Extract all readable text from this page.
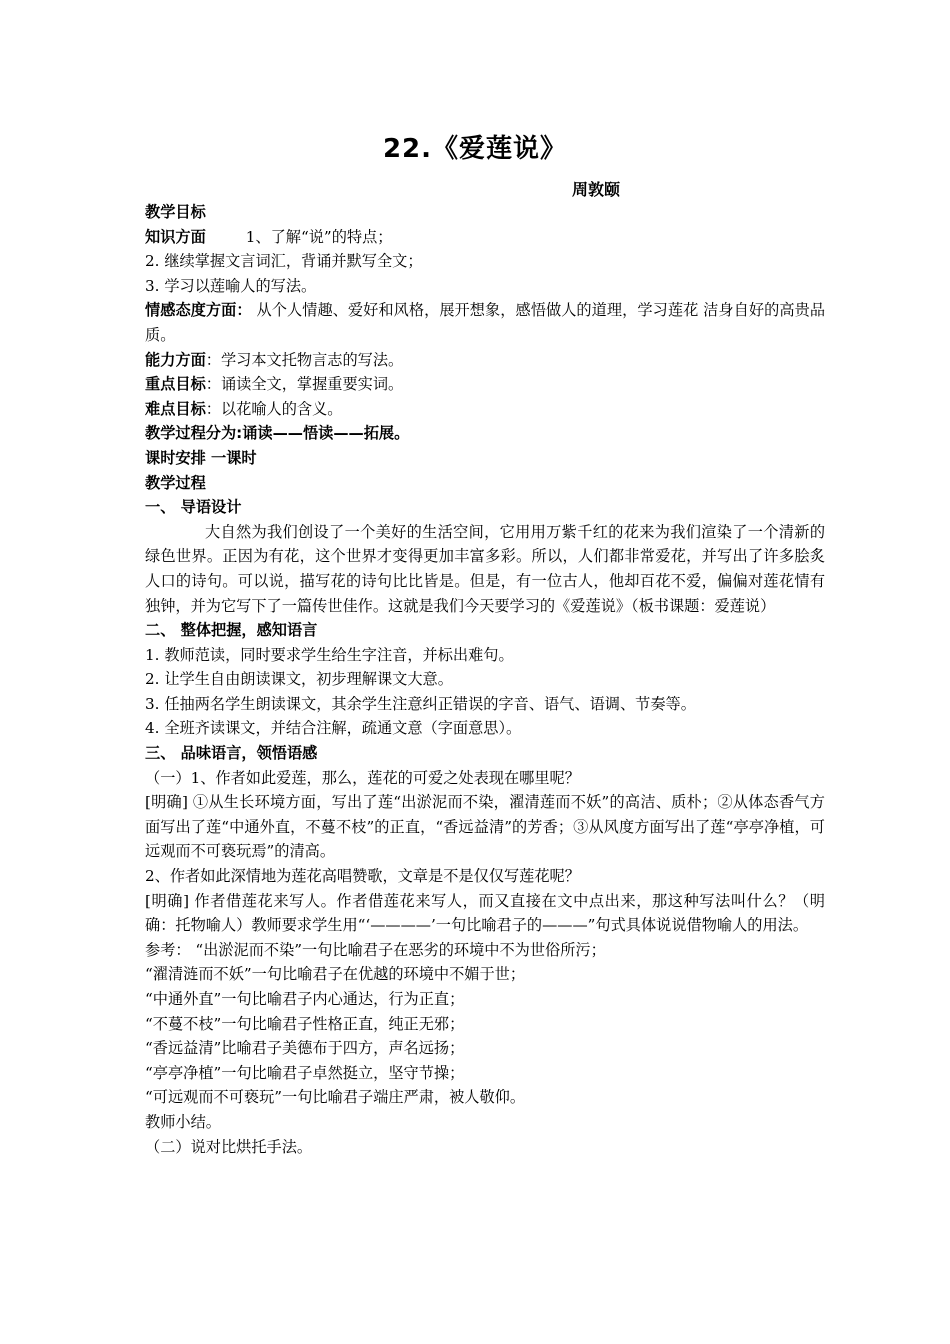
22.《爱莲说》
周敦颐

教学目标

知识方面	1、了解“说”的特点；

2. 继续掌握文言词汇，背诵并默写全文；

3. 学习以莲喻人的写法。

情感态度方面： 从个人情趣、爱好和风格，展开想象，感悟做人的道理，学习莲花 洁身自好的高贵品质。

能力方面：学习本文托物言志的写法。

重点目标：诵读全文，掌握重要实词。

难点目标：以花喻人的含义。

教学过程分为:诵读——悟读——拓展。

课时安排 一课时

教学过程

一、 导语设计

大自然为我们创设了一个美好的生活空间，它用用万紫千红的花来为我们渲染了一个清新的绿色世界。正因为有花，这个世界才变得更加丰富多彩。所以，人们都非常爱花，并写出了许多脍炙人口的诗句。可以说，描写花的诗句比比皆是。但是，有一位古人，他却百花不爱，偏偏对莲花情有独钟，并为它写下了一篇传世佳作。这就是我们今天要学习的《爱莲说》（板书课题：爱莲说）

二、 整体把握，感知语言

1. 教师范读，同时要求学生给生字注音，并标出难句。

2. 让学生自由朗读课文，初步理解课文大意。

3. 任抽两名学生朗读课文，其余学生注意纠正错误的字音、语气、语调、节奏等。

4. 全班齐读课文，并结合注解，疏通文意（字面意思）。

三、 品味语言，领悟语感

（一）1、作者如此爱莲，那么，莲花的可爱之处表现在哪里呢？

[明确] ①从生长环境方面，写出了莲“出淤泥而不染，濯清莲而不妖”的高洁、质朴；②从体态香气方面写出了莲“中通外直，不蔓不枝”的正直，“香远益清”的芳香；③从风度方面写出了莲“亭亭净植，可远观而不可亵玩焉”的清高。

2、作者如此深情地为莲花高唱赞歌，文章是不是仅仅写莲花呢？

[明确] 作者借莲花来写人。作者借莲花来写人，而又直接在文中点出来，那这种写法叫什么？（明确：托物喻人）教师要求学生用“‘————’一句比喻君子的———”句式具体说说借物喻人的用法。

参考： “出淤泥而不染”一句比喻君子在恶劣的环境中不为世俗所污；

“濯清涟而不妖”一句比喻君子在优越的环境中不媚于世；

“中通外直”一句比喻君子内心通达，行为正直；

“不蔓不枝”一句比喻君子性格正直，纯正无邪；

“香远益清”比喻君子美德布于四方，声名远扬；

“亭亭净植”一句比喻君子卓然挺立，坚守节操；

“可远观而不可亵玩”一句比喻君子端庄严肃，被人敬仰。

教师小结。

（二）说对比烘托手法。
